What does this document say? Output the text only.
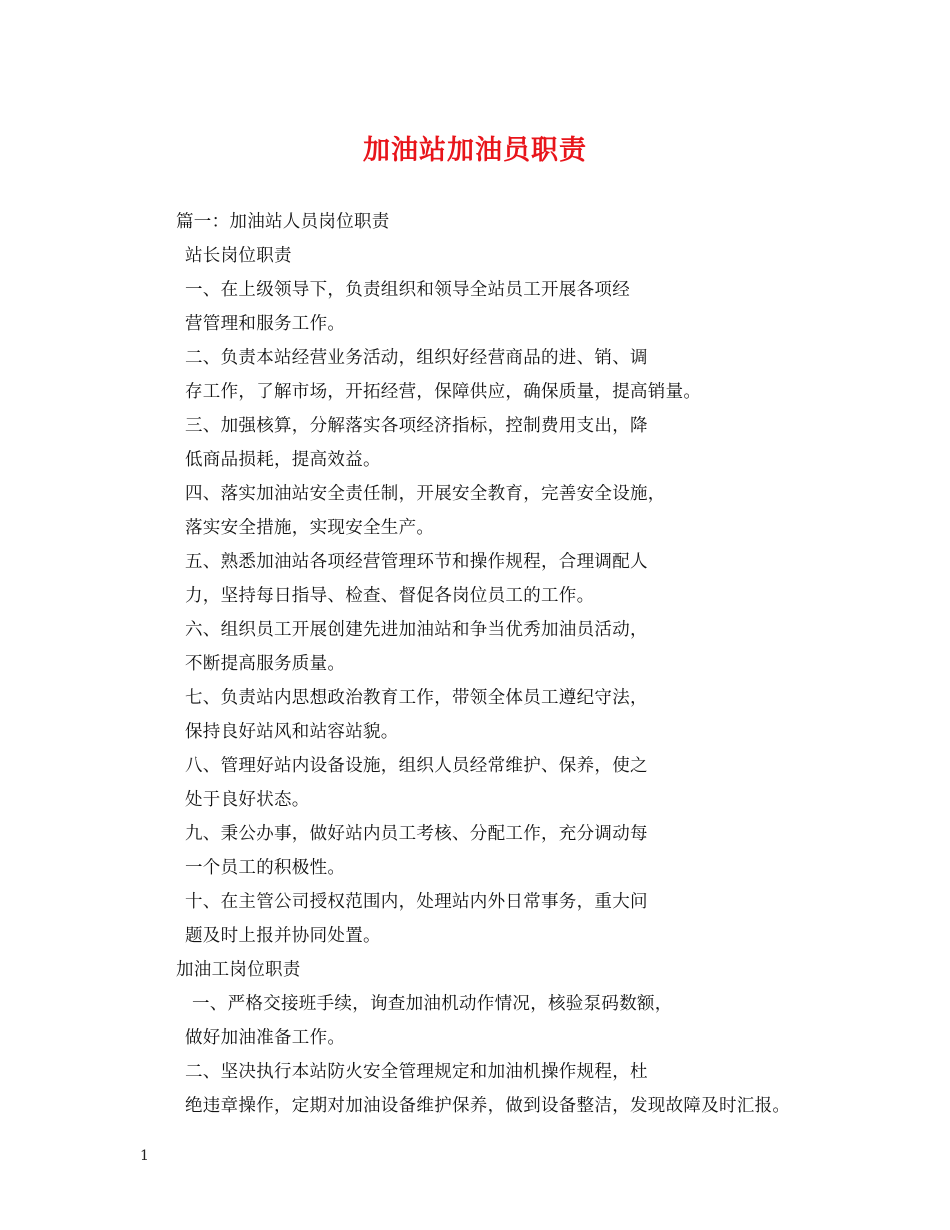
加油站加油员职责
篇一：加油站人员岗位职责
站长岗位职责
一、在上级领导下，负责组织和领导全站员工开展各项经
营管理和服务工作。
二、负责本站经营业务活动，组织好经营商品的进、销、调
存工作，了解市场，开拓经营，保障供应，确保质量，提高销量。
三、加强核算，分解落实各项经济指标，控制费用支出，降
低商品损耗，提高效益。
四、落实加油站安全责任制，开展安全教育，完善安全设施，
落实安全措施，实现安全生产。
五、熟悉加油站各项经营管理环节和操作规程，合理调配人
力，坚持每日指导、检查、督促各岗位员工的工作。
六、组织员工开展创建先进加油站和争当优秀加油员活动，
不断提高服务质量。
七、负责站内思想政治教育工作，带领全体员工遵纪守法，
保持良好站风和站容站貌。
八、管理好站内设备设施，组织人员经常维护、保养，使之
处于良好状态。
九、秉公办事，做好站内员工考核、分配工作，充分调动每
一个员工的积极性。
十、在主管公司授权范围内，处理站内外日常事务，重大问
题及时上报并协同处置。
加油工岗位职责
一、严格交接班手续，询查加油机动作情况，核验泵码数额，
做好加油准备工作。
二、坚决执行本站防火安全管理规定和加油机操作规程，杜
绝违章操作，定期对加油设备维护保养，做到设备整洁，发现故障及时汇报。
1
